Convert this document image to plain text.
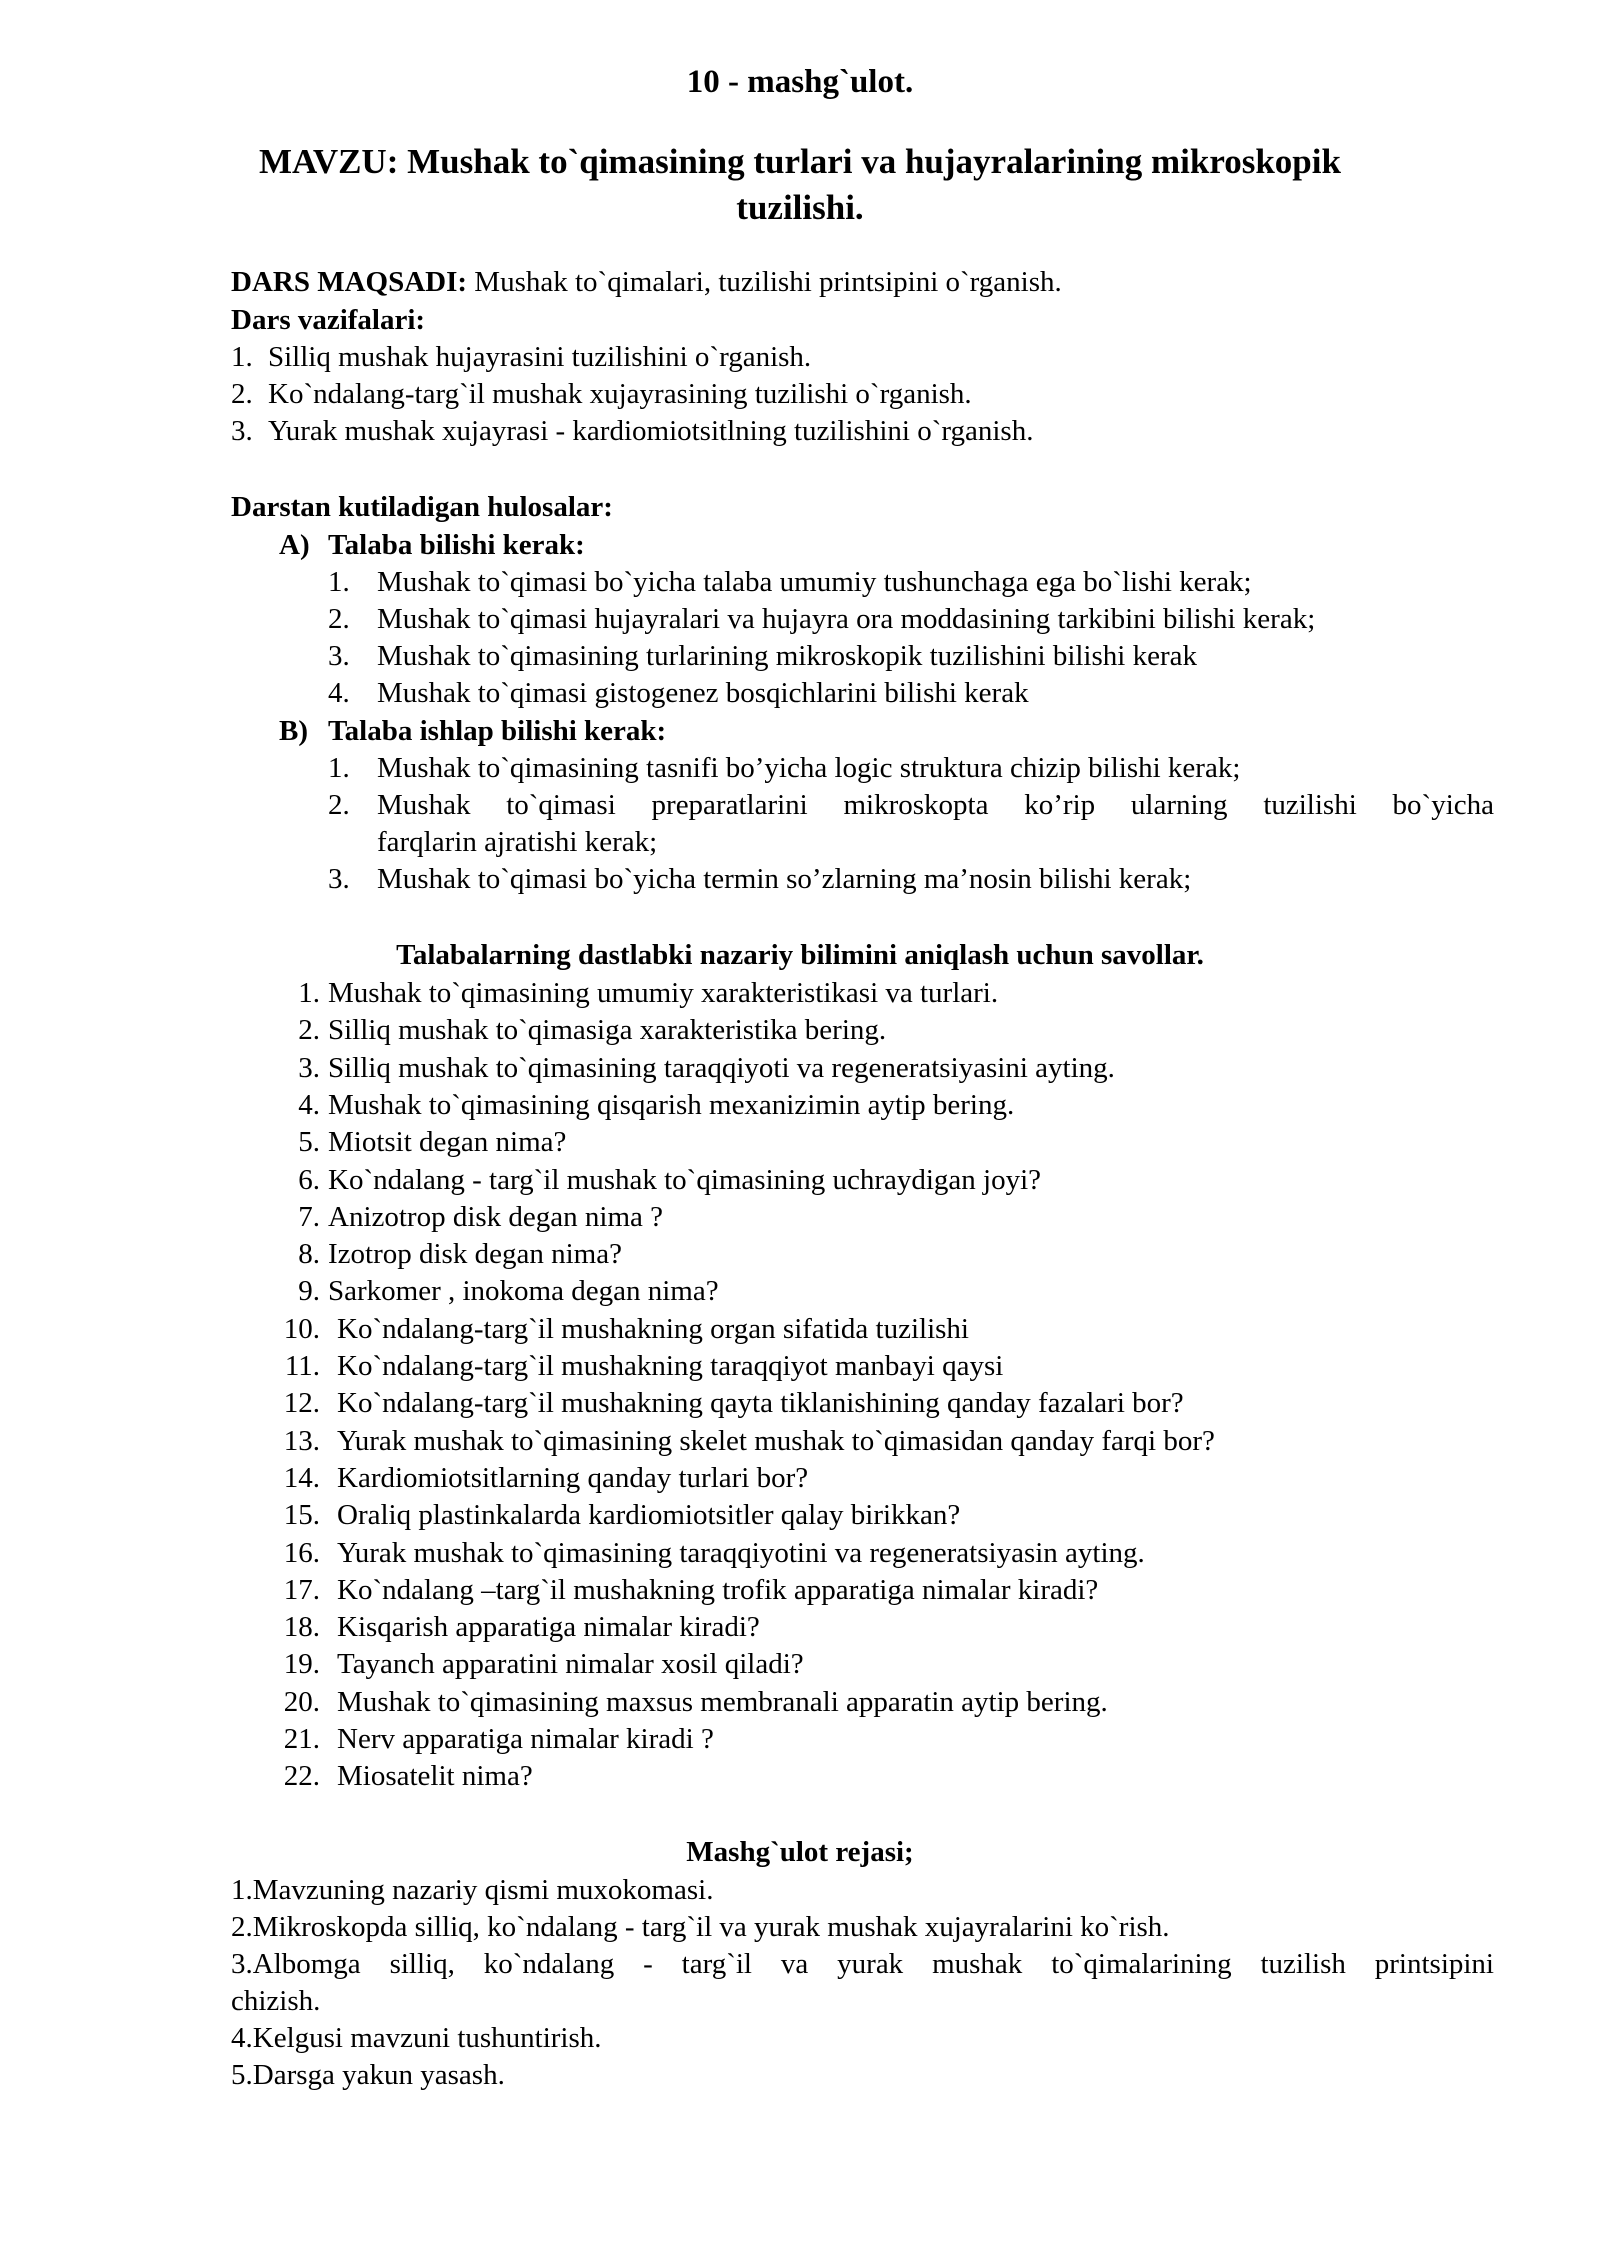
10 - mashg`ulot.
MAVZU: Mushak to`qimasining turlari va hujayralarining mikroskopik
tuzilishi.
DARS MAQSADI: Mushak to`qimalari, tuzilishi printsipini o`rganish.
Dars vazifalari:
1. Silliq mushak hujayrasini tuzilishini o`rganish.
2. Ko`ndalang-targ`il mushak xujayrasining tuzilishi o`rganish.
3. Yurak mushak xujayrasi - kardiomiotsitlning tuzilishini o`rganish.
Darstan kutiladigan hulosalar:
A) Talaba bilishi kerak:
1. Mushak to`qimasi bo`yicha talaba umumiy tushunchaga ega bo`lishi kerak;
2. Mushak to`qimasi hujayralari va hujayra ora moddasining tarkibini bilishi kerak;
3. Mushak to`qimasining turlarining mikroskopik tuzilishini bilishi kerak
4. Mushak to`qimasi gistogenez bosqichlarini bilishi kerak
B) Talaba ishlap bilishi kerak:
1. Mushak to`qimasining tasnifi bo’yicha logic struktura chizip bilishi kerak;
2. Mushak to`qimasi preparatlarini mikroskopta ko’rip ularning tuzilishi bo`yicha
farqlarin ajratishi kerak;
3. Mushak to`qimasi bo`yicha termin so’zlarning ma’nosin bilishi kerak;
Talabalarning dastlabki nazariy bilimini aniqlash uchun savollar.
1. Mushak to`qimasining umumiy xarakteristikasi va turlari.
2. Silliq mushak to`qimasiga xarakteristika bering.
3. Silliq mushak to`qimasining taraqqiyoti va regeneratsiyasini ayting.
4. Mushak to`qimasining qisqarish mexanizimin aytip bering.
5. Miotsit degan nima?
6. Ko`ndalang - targ`il mushak to`qimasining uchraydigan joyi?
7. Anizotrop disk degan nima ?
8. Izotrop disk degan nima?
9. Sarkomer , inokoma degan nima?
10. Ko`ndalang-targ`il mushakning organ sifatida tuzilishi
11. Ko`ndalang-targ`il mushakning taraqqiyot manbayi qaysi
12. Ko`ndalang-targ`il mushakning qayta tiklanishining qanday fazalari bor?
13. Yurak mushak to`qimasining skelet mushak to`qimasidan qanday farqi bor?
14. Kardiomiotsitlarning qanday turlari bor?
15. Oraliq plastinkalarda kardiomiotsitler qalay birikkan?
16. Yurak mushak to`qimasining taraqqiyotini va regeneratsiyasin ayting.
17. Ko`ndalang –targ`il mushakning trofik apparatiga nimalar kiradi?
18. Kisqarish apparatiga nimalar kiradi?
19. Tayanch apparatini nimalar xosil qiladi?
20. Mushak to`qimasining maxsus membranali apparatin aytip bering.
21. Nerv apparatiga nimalar kiradi ?
22. Miosatelit nima?
Mashg`ulot rejasi;
1.Mavzuning nazariy qismi muxokomasi.
2.Mikroskopda silliq, ko`ndalang - targ`il va yurak mushak xujayralarini ko`rish.
3.Albomga silliq, ko`ndalang - targ`il va yurak mushak to`qimalarining tuzilish printsipini
chizish.
4.Kelgusi mavzuni tushuntirish.
5.Darsga yakun yasash.
